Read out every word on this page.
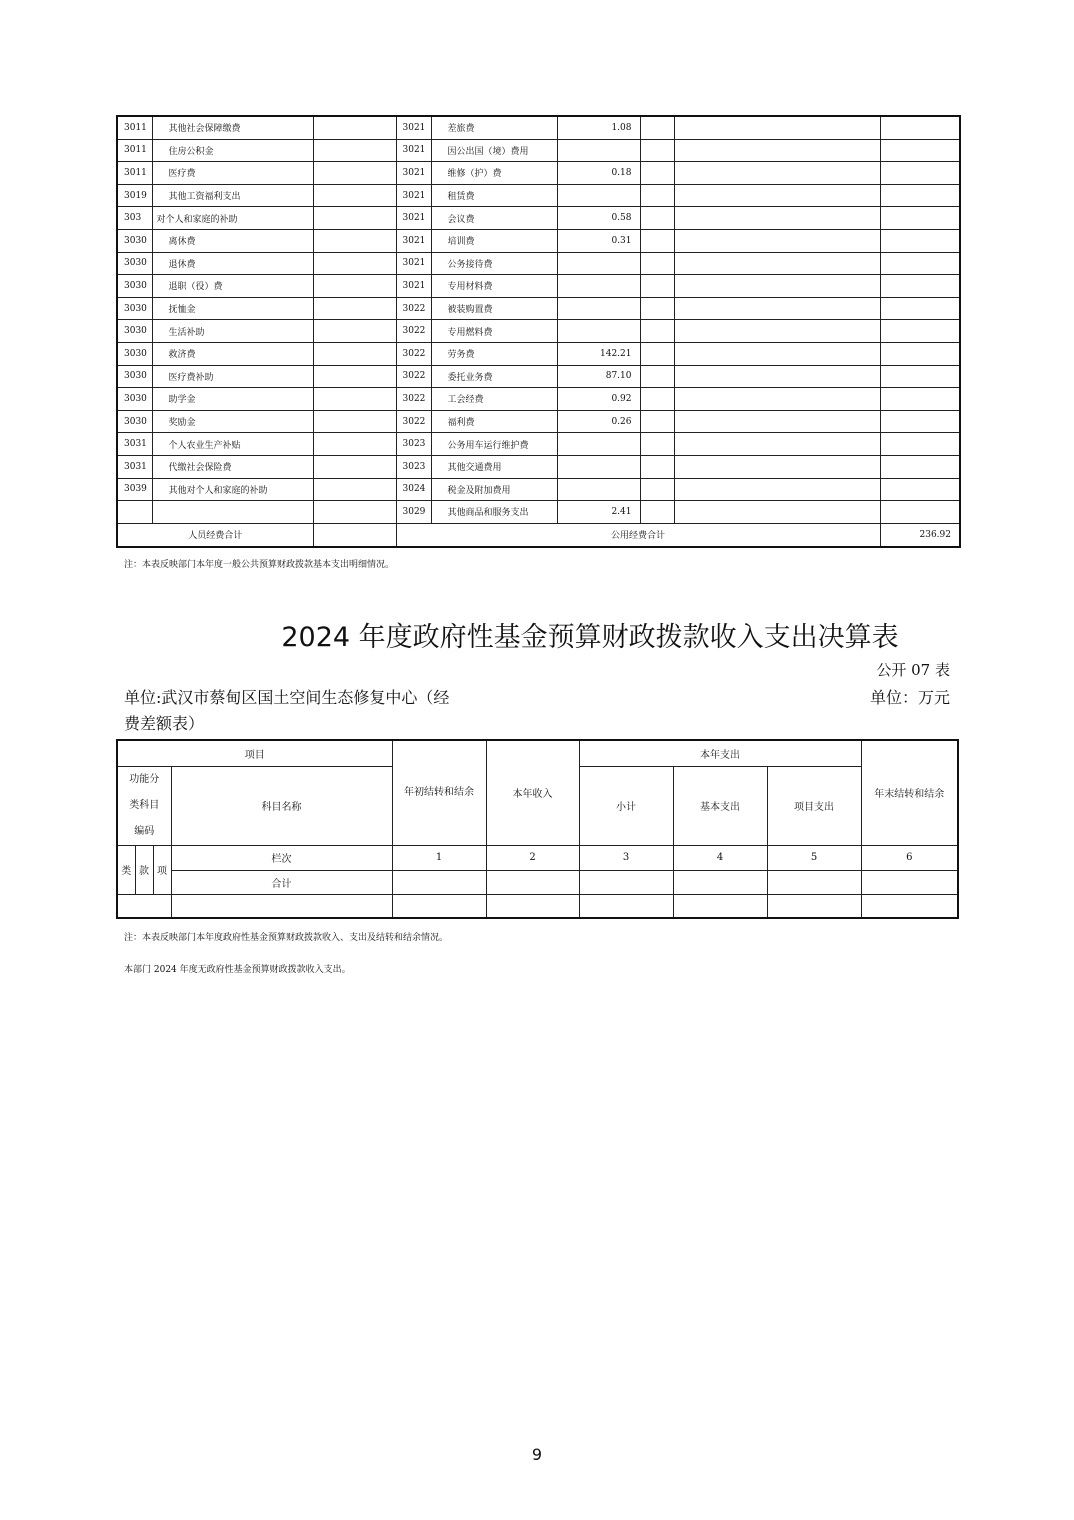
3011	其他社会保障缴费		3021	差旅费	1.08			
3011	住房公积金		3021	因公出国（境）费用				
3011	医疗费		3021	维修（护）费	0.18			
3019	其他工资福利支出		3021	租赁费				
303	对个人和家庭的补助		3021	会议费	0.58			
3030	离休费		3021	培训费	0.31			
3030	退休费		3021	公务接待费				
3030	退职（役）费		3021	专用材料费				
3030	抚恤金		3022	被装购置费				
3030	生活补助		3022	专用燃料费				
3030	救济费		3022	劳务费	142.21			
3030	医疗费补助		3022	委托业务费	87.10			
3030	助学金		3022	工会经费	0.92			
3030	奖励金		3022	福利费	0.26			
3031	个人农业生产补贴		3023	公务用车运行维护费				
3031	代缴社会保险费		3023	其他交通费用				
3039	其他对个人和家庭的补助		3024	税金及附加费用				
			3029	其他商品和服务支出	2.41			
人员经费合计			公用经费合计					236.92
注：本表反映部门本年度一般公共预算财政拨款基本支出明细情况。
2024 年度政府性基金预算财政拨款收入支出决算表
公开 07 表
单位:武汉市蔡甸区国土空间生态修复中心（经费差额表）
单位：万元
项目				年初结转和结余	本年收入	本年支出			年末结转和结余
功能分类科目编码			科目名称			小计	基本支出	项目支出	
类	款	项	栏次	1	2	3	4	5	6
			合计						

注：本表反映部门本年度政府性基金预算财政拨款收入、支出及结转和结余情况。
本部门 2024 年度无政府性基金预算财政拨款收入支出。
9
